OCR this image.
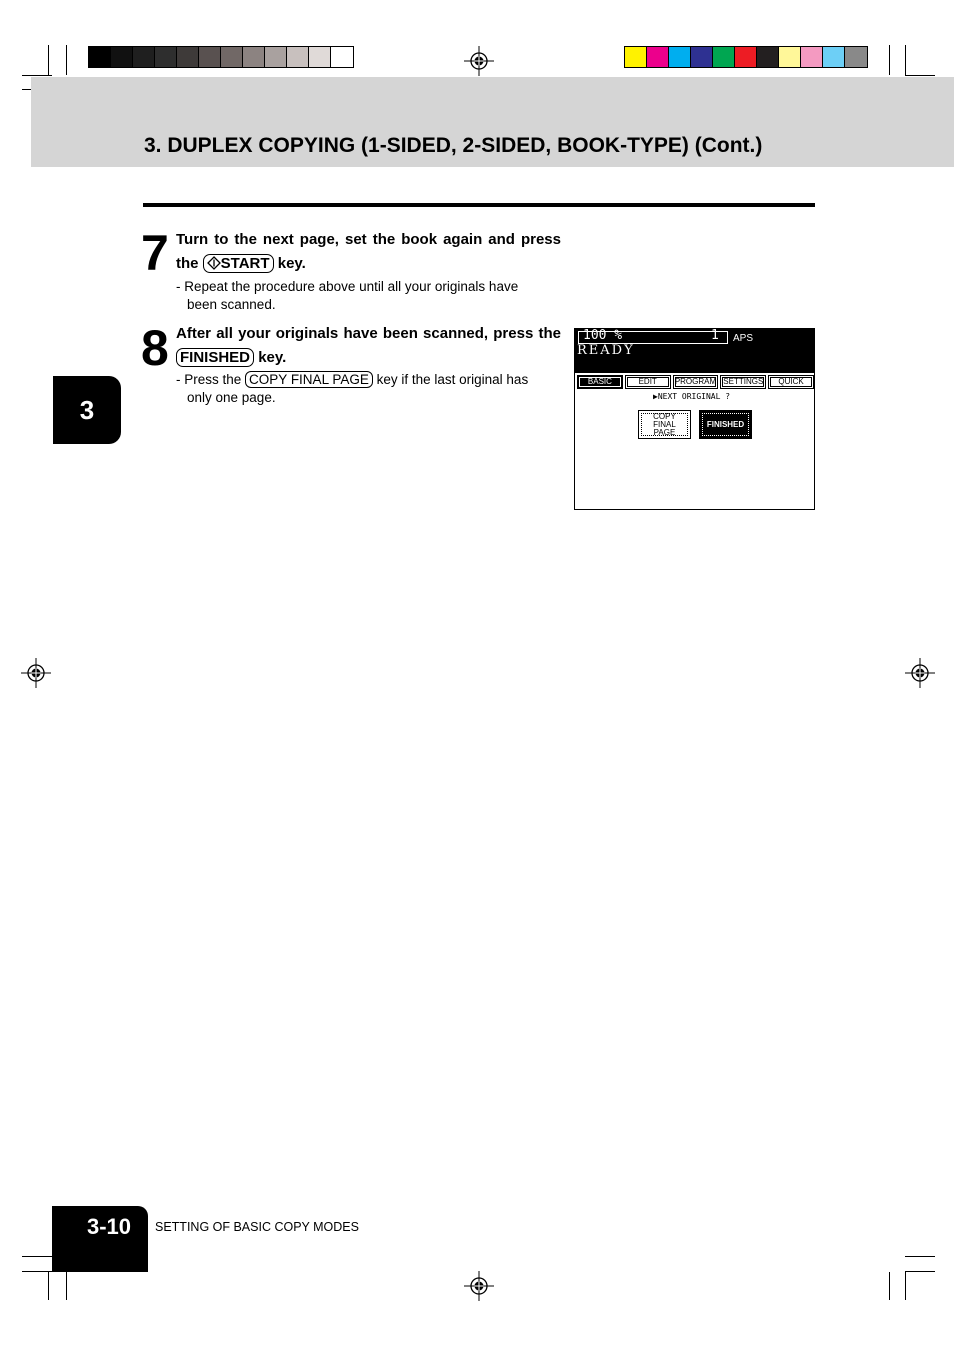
3. DUPLEX COPYING (1-SIDED, 2-SIDED, BOOK-TYPE) (Cont.)
3
7 Turn to the next page, set the book again and press the START key.
- Repeat the procedure above until all your originals have
been scanned.
8 After all your originals have been scanned, press the FINISHED key.
- Press the COPY FINAL PAGE key if the last original has
only one page.
100 %	1 APS
READY
BASIC	EDIT	PROGRAM SETTINGS	QUICK
▶NEXT ORIGINAL ?
COPY
FINAL
PAGE
FINISHED
3-10 SETTING OF BASIC COPY MODES
